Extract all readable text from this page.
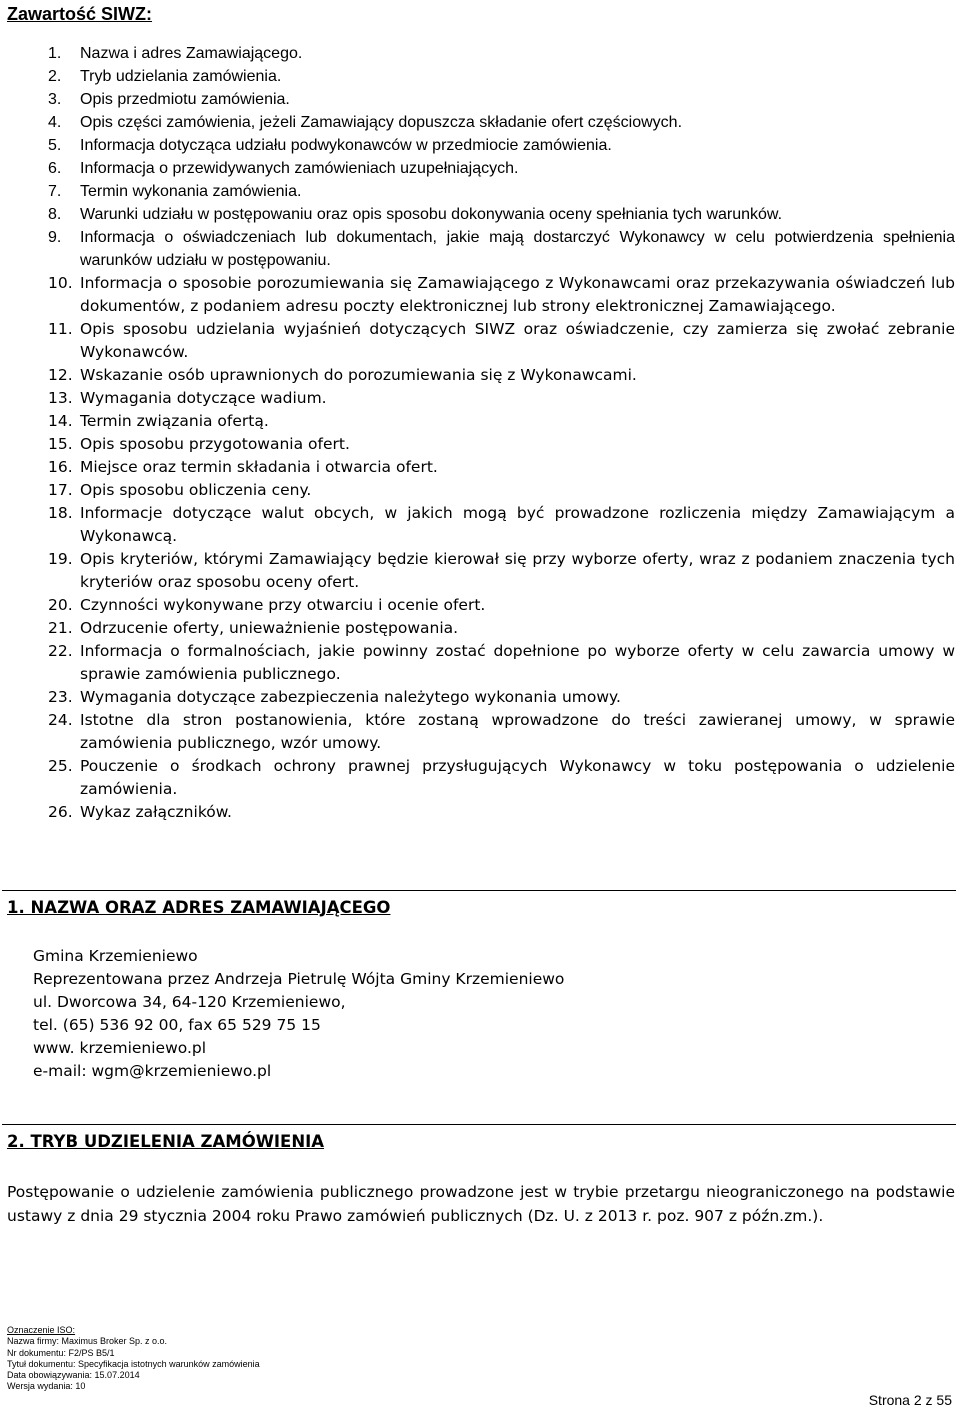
Zawartość SIWZ:
1. Nazwa i adres Zamawiającego.
2. Tryb udzielania zamówienia.
3. Opis przedmiotu zamówienia.
4. Opis części zamówienia, jeżeli Zamawiający dopuszcza składanie ofert częściowych.
5. Informacja dotycząca udziału podwykonawców w przedmiocie zamówienia.
6. Informacja o przewidywanych zamówieniach uzupełniających.
7. Termin wykonania zamówienia.
8. Warunki udziału w postępowaniu oraz opis sposobu dokonywania oceny spełniania tych warunków.
9. Informacja o oświadczeniach lub dokumentach, jakie mają dostarczyć Wykonawcy w celu potwierdzenia spełnienia warunków udziału w postępowaniu.
10. Informacja o sposobie porozumiewania się Zamawiającego z Wykonawcami oraz przekazywania oświadczeń lub dokumentów, z podaniem adresu poczty elektronicznej lub strony elektronicznej Zamawiającego.
11. Opis sposobu udzielania wyjaśnień dotyczących SIWZ oraz oświadczenie, czy zamierza się zwołać zebranie Wykonawców.
12. Wskazanie osób uprawnionych do porozumiewania się z Wykonawcami.
13. Wymagania dotyczące wadium.
14. Termin związania ofertą.
15. Opis sposobu przygotowania ofert.
16. Miejsce oraz termin składania i otwarcia ofert.
17. Opis sposobu obliczenia ceny.
18. Informacje dotyczące walut obcych, w jakich mogą być prowadzone rozliczenia między Zamawiającym a Wykonawcą.
19. Opis kryteriów, którymi Zamawiający będzie kierował się przy wyborze oferty, wraz z podaniem znaczenia tych kryteriów oraz sposobu oceny ofert.
20. Czynności wykonywane przy otwarciu i ocenie ofert.
21. Odrzucenie oferty, unieważnienie postępowania.
22. Informacja o formalnościach, jakie powinny zostać dopełnione po wyborze oferty w celu zawarcia umowy w sprawie zamówienia publicznego.
23. Wymagania dotyczące zabezpieczenia należytego wykonania umowy.
24. Istotne dla stron postanowienia, które zostaną wprowadzone do treści zawieranej umowy, w sprawie zamówienia publicznego, wzór umowy.
25. Pouczenie o środkach ochrony prawnej przysługujących Wykonawcy w toku postępowania o udzielenie zamówienia.
26. Wykaz załączników.
1. NAZWA ORAZ ADRES ZAMAWIAJĄCEGO
Gmina Krzemieniewo
Reprezentowana przez Andrzeja Pietrulę Wójta Gminy Krzemieniewo
ul. Dworcowa 34, 64-120 Krzemieniewo,
tel. (65) 536 92 00, fax 65 529 75 15
www. krzemieniewo.pl
e-mail: wgm@krzemieniewo.pl
2. TRYB UDZIELENIA ZAMÓWIENIA
Postępowanie o udzielenie zamówienia publicznego prowadzone jest w trybie przetargu nieograniczonego na podstawie ustawy z dnia 29 stycznia 2004 roku Prawo zamówień publicznych (Dz. U. z 2013 r. poz. 907 z późn.zm.).
Oznaczenie ISO:
Nazwa firmy: Maximus Broker Sp. z o.o.
Nr dokumentu: F2/PS B5/1
Tytuł dokumentu: Specyfikacja istotnych warunków zamówienia
Data obowiązywania: 15.07.2014
Wersja wydania: 10
Strona 2 z 55
